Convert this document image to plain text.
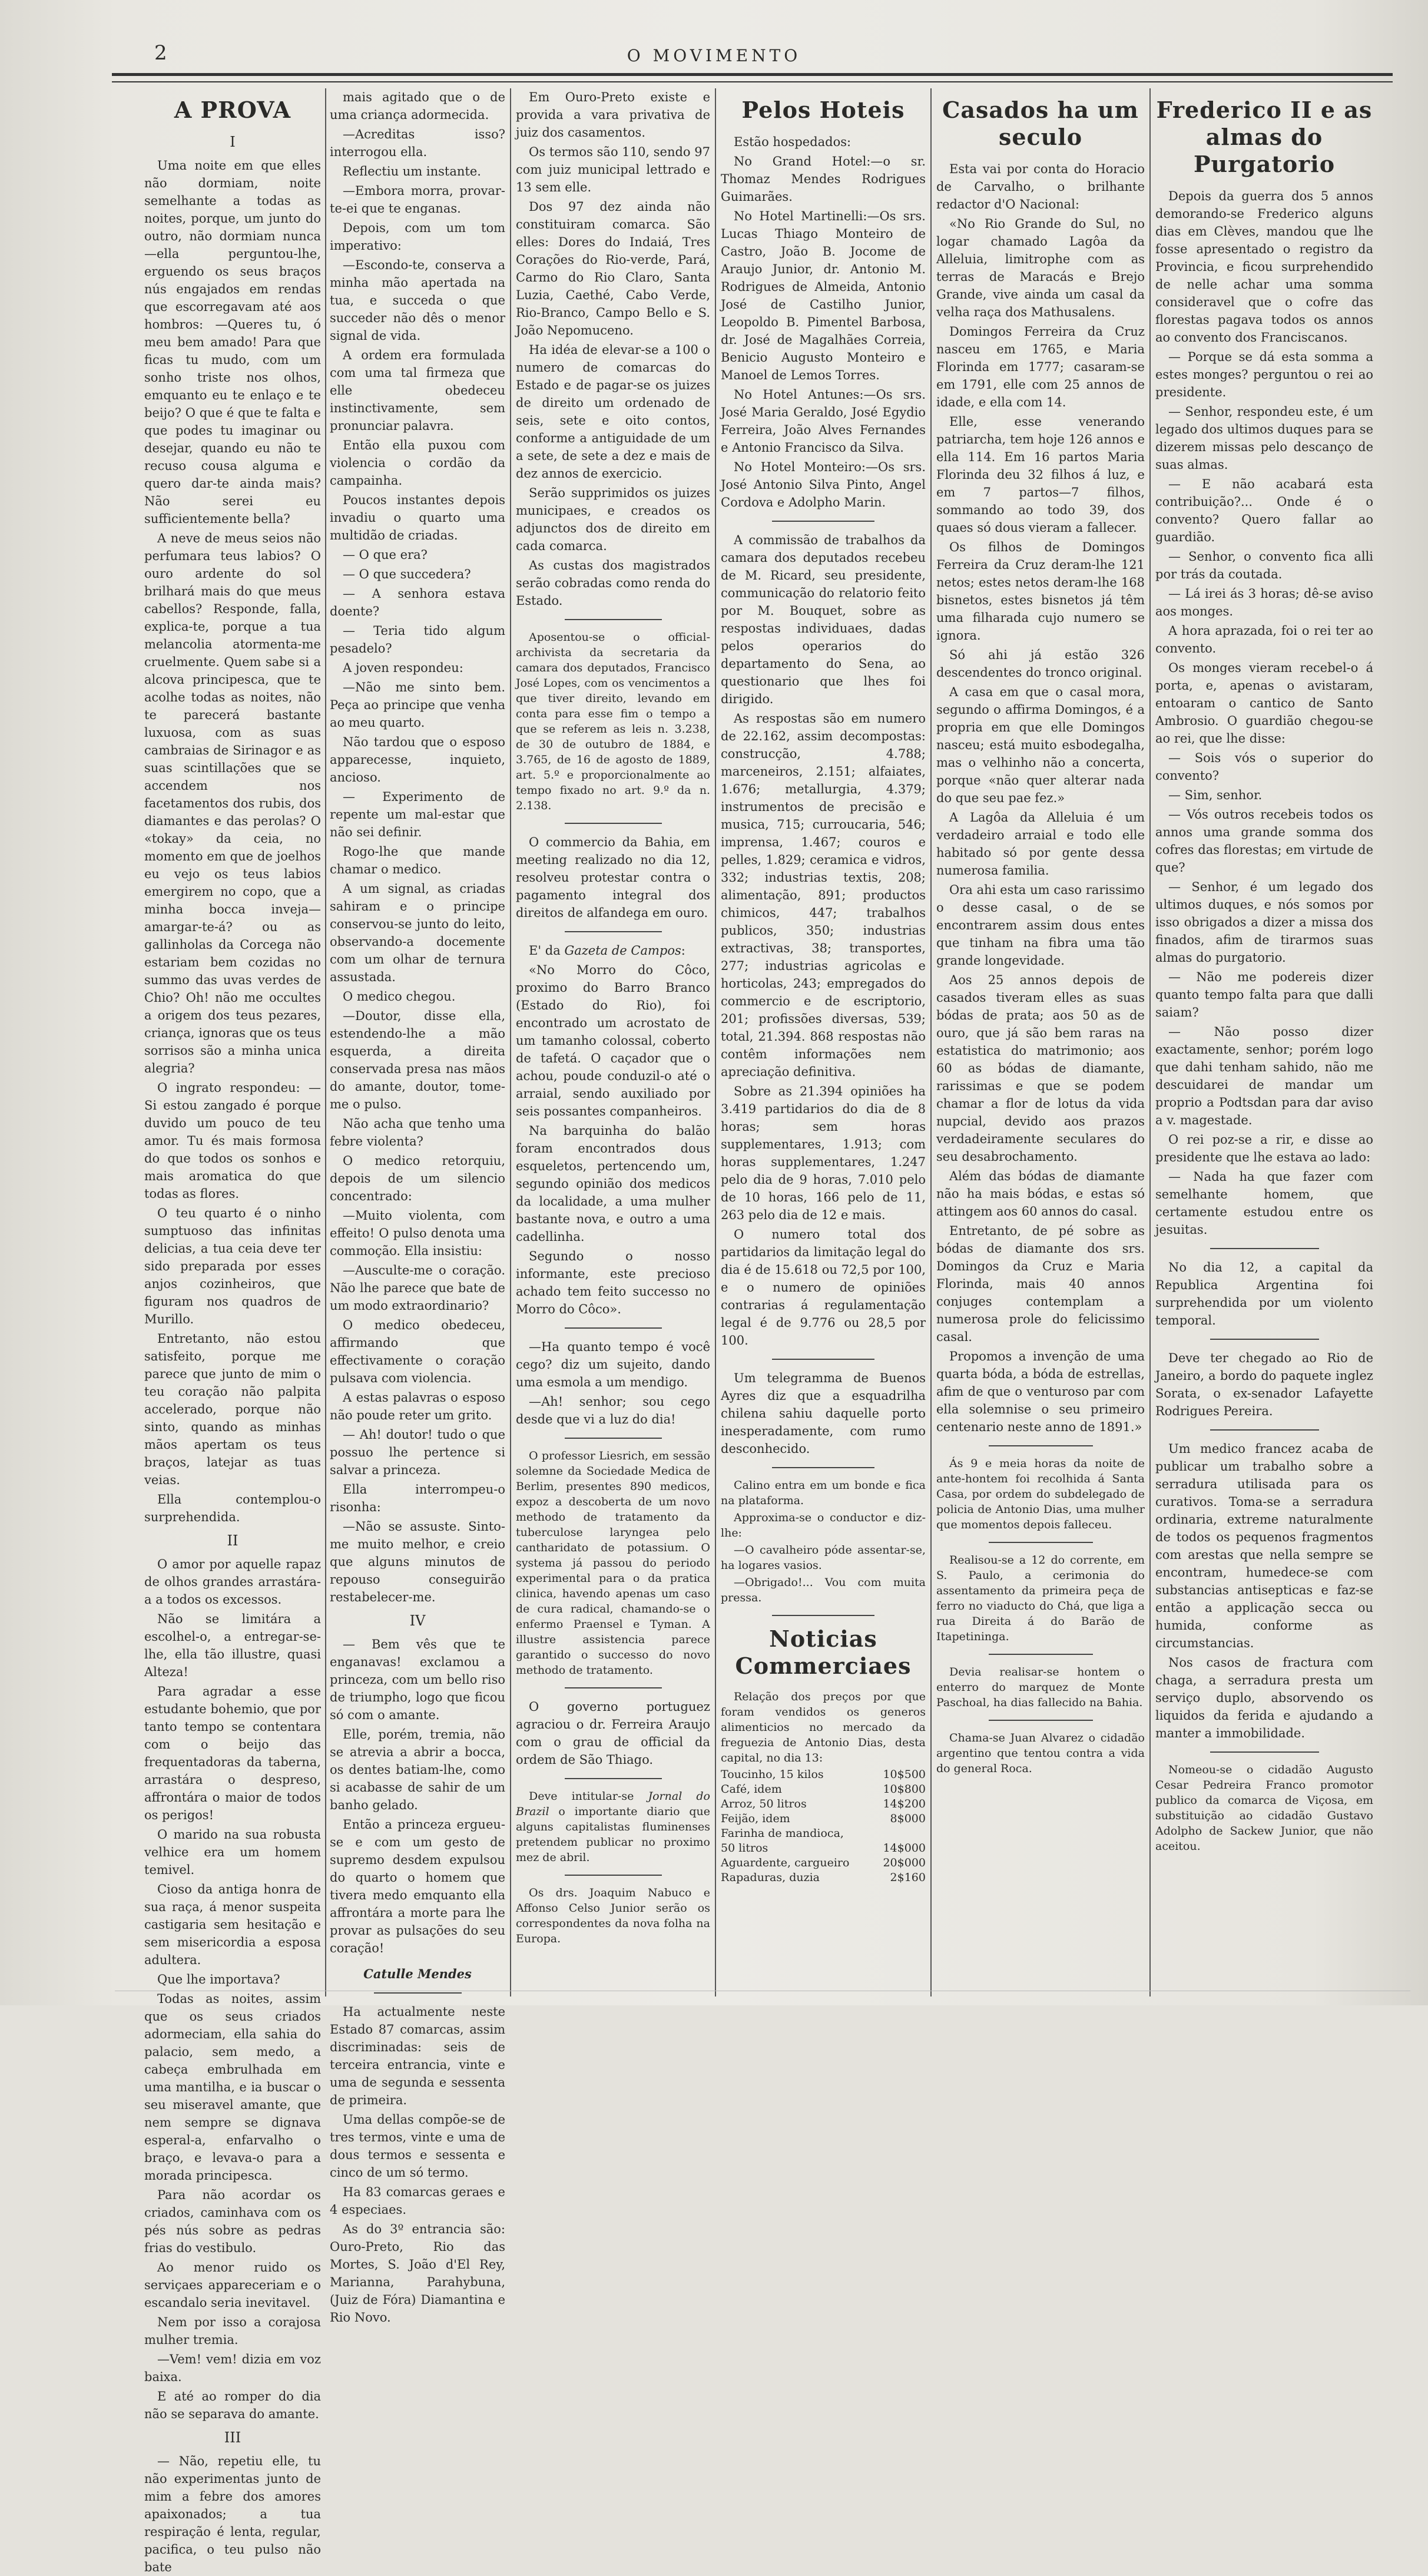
2	O MOVIMENTO

A PROVA

I

Uma noite em que elles não dormiam, noite semelhante a todas as noites, porque, um junto do outro, não dormiam nunca—ella perguntou-lhe, erguendo os seus braços nús engajados em rendas que escorregavam até aos hombros: —Queres tu, ó meu bem amado! Para que ficas tu mudo, com um sonho triste nos olhos, emquanto eu te enlaço e te beijo? O que é que te falta e que podes tu imaginar ou desejar, quando eu não te recuso cousa alguma e quero dar-te ainda mais? Não serei eu sufficientemente bella?

A neve de meus seios não perfumara teus labios? O ouro ardente do sol brilhará mais do que meus cabellos? Responde, falla, explica-te, porque a tua melancolia atormenta-me cruelmente. Quem sabe si a alcova principesca, que te acolhe todas as noites, não te parecerá bastante luxuosa, com as suas cambraias de Sirinagor e as suas scintillações que se accendem nos facetamentos dos rubis, dos diamantes e das perolas? O «tokay» da ceia, no momento em que de joelhos eu vejo os teus labios emergirem no copo, que a minha bocca inveja—amargar-te-á? ou as gallinholas da Corcega não estariam bem cozidas no summo das uvas verdes de Chio? Oh! não me occultes a origem dos teus pezares, criança, ignoras que os teus sorrisos são a minha unica alegria?

O ingrato respondeu: — Si estou zangado é porque duvido um pouco de teu amor. Tu és mais formosa do que todos os sonhos e mais aromatica do que todas as flores.

O teu quarto é o ninho sumptuoso das infinitas delicias, a tua ceia deve ter sido preparada por esses anjos cozinheiros, que figuram nos quadros de Murillo.

Entretanto, não estou satisfeito, porque me parece que junto de mim o teu coração não palpita accelerado, porque não sinto, quando as minhas mãos apertam os teus braços, latejar as tuas veias.

Ella contemplou-o surprehendida.

II

O amor por aquelle rapaz de olhos grandes arrastára-a a todos os excessos.

Não se limitára a escolhel-o, a entregar-se-lhe, ella tão illustre, quasi Alteza!

Para agradar a esse estudante bohemio, que por tanto tempo se contentara com o beijo das frequentadoras da taberna, arrastára o despreso, affrontára o maior de todos os perigos!

O marido na sua robusta velhice era um homem temivel.

Cioso da antiga honra de sua raça, á menor suspeita castigaria sem hesitação e sem misericordia a esposa adultera.

Que lhe importava?

Todas as noites, assim que os seus criados adormeciam, ella sahia do palacio, sem medo, a cabeça embrulhada em uma mantilha, e ia buscar o seu miseravel amante, que nem sempre se dignava esperal-a, enfarvalho o braço, e levava-o para a morada principesca.

Para não acordar os criados, caminhava com os pés nús sobre as pedras frias do vestibulo.

Ao menor ruido os serviçaes appareceriam e o escandalo seria inevitavel.

Nem por isso a corajosa mulher tremia.

—Vem! vem! dizia em voz baixa.

E até ao romper do dia não se separava do amante.

III

— Não, repetiu elle, tu não experimentas junto de mim a febre dos amores apaixonados; a tua respiração é lenta, regular, pacifica, o teu pulso não bate

mais agitado que o de uma criança adormecida.

—Acreditas isso? interrogou ella.

Reflectiu um instante.

—Embora morra, provar-te-ei que te enganas.

Depois, com um tom imperativo:

—Escondo-te, conserva a minha mão apertada na tua, e succeda o que succeder não dês o menor signal de vida.

A ordem era formulada com uma tal firmeza que elle obedeceu instinctivamente, sem pronunciar palavra.

Então ella puxou com violencia o cordão da campainha.

Poucos instantes depois invadiu o quarto uma multidão de criadas.

— O que era?

— O que succedera?

— A senhora estava doente?

— Teria tido algum pesadelo?

A joven respondeu:

—Não me sinto bem. Peça ao principe que venha ao meu quarto.

Não tardou que o esposo apparecesse, inquieto, ancioso.

— Experimento de repente um mal-estar que não sei definir.

Rogo-lhe que mande chamar o medico.

A um signal, as criadas sahiram e o principe conservou-se junto do leito, observando-a docemente com um olhar de ternura assustada.

O medico chegou.

—Doutor, disse ella, estendendo-lhe a mão esquerda, a direita conservada presa nas mãos do amante, doutor, tome-me o pulso.

Não acha que tenho uma febre violenta?

O medico retorquiu, depois de um silencio concentrado:

—Muito violenta, com effeito! O pulso denota uma commoção. Ella insistiu:

—Ausculte-me o coração. Não lhe parece que bate de um modo extraordinario?

O medico obedeceu, affirmando que effectivamente o coração pulsava com violencia.

A estas palavras o esposo não poude reter um grito.

— Ah! doutor! tudo o que possuo lhe pertence si salvar a princeza.

Ella interrompeu-o risonha:

—Não se assuste. Sinto-me muito melhor, e creio que alguns minutos de repouso conseguirão restabelecer-me.

IV

— Bem vês que te enganavas! exclamou a princeza, com um bello riso de triumpho, logo que ficou só com o amante.

Elle, porém, tremia, não se atrevia a abrir a bocca, os dentes batiam-lhe, como si acabasse de sahir de um banho gelado.

Então a princeza ergueu-se e com um gesto de supremo desdem expulsou do quarto o homem que tivera medo emquanto ella affrontára a morte para lhe provar as pulsações do seu coração!

Catulle Mendes

Ha actualmente neste Estado 87 comarcas, assim discriminadas: seis de terceira entrancia, vinte e uma de segunda e sessenta de primeira.

Uma dellas compõe-se de tres termos, vinte e uma de dous termos e sessenta e cinco de um só termo.

Ha 83 comarcas geraes e 4 especiaes.

As do 3º entrancia são: Ouro-Preto, Rio das Mortes, S. João d'El Rey, Marianna, Parahybuna, (Juiz de Fóra) Diamantina e Rio Novo.

Em Ouro-Preto existe e provida a vara privativa de juiz dos casamentos.

Os termos são 110, sendo 97 com juiz municipal lettrado e 13 sem elle.

Dos 97 dez ainda não constituiram comarca. São elles: Dores do Indaiá, Tres Corações do Rio-verde, Pará, Carmo do Rio Claro, Santa Luzia, Caethé, Cabo Verde, Rio-Branco, Campo Bello e S. João Nepomuceno.

Ha idéa de elevar-se a 100 o numero de comarcas do Estado e de pagar-se os juizes de direito um ordenado de seis, sete e oito contos, conforme a antiguidade de um a sete, de sete a dez e mais de dez annos de exercicio.

Serão supprimidos os juizes municipaes, e creados os adjunctos dos de direito em cada comarca.

As custas dos magistrados serão cobradas como renda do Estado.

Aposentou-se o official-archivista da secretaria da camara dos deputados, Francisco José Lopes, com os vencimentos a que tiver direito, levando em conta para esse fim o tempo a que se referem as leis n. 3.238, de 30 de outubro de 1884, e 3.765, de 16 de agosto de 1889, art. 5.º e proporcionalmente ao tempo fixado no art. 9.º da n. 2.138.

O commercio da Bahia, em meeting realizado no dia 12, resolveu protestar contra o pagamento integral dos direitos de alfandega em ouro.

E' da Gazeta de Campos:

«No Morro do Côco, proximo do Barro Branco (Estado do Rio), foi encontrado um acrostato de um tamanho colossal, coberto de tafetá. O caçador que o achou, poude conduzil-o até o arraial, sendo auxiliado por seis possantes companheiros.

Na barquinha do balão foram encontrados dous esqueletos, pertencendo um, segundo opinião dos medicos da localidade, a uma mulher bastante nova, e outro a uma cadellinha.

Segundo o nosso informante, este precioso achado tem feito successo no Morro do Côco».

—Ha quanto tempo é você cego? diz um sujeito, dando uma esmola a um mendigo.

—Ah! senhor; sou cego desde que vi a luz do dia!

O professor Liesrich, em sessão solemne da Sociedade Medica de Berlim, presentes 890 medicos, expoz a descoberta de um novo methodo de tratamento da tuberculose laryngea pelo cantharidato de potassium. O systema já passou do periodo experimental para o da pratica clinica, havendo apenas um caso de cura radical, chamando-se o enfermo Praensel e Tyman. A illustre assistencia parece garantido o successo do novo methodo de tratamento.

O governo portuguez agraciou o dr. Ferreira Araujo com o grau de official da ordem de São Thiago.

Deve intitular-se Jornal do Brazil o importante diario que alguns capitalistas fluminenses pretendem publicar no proximo mez de abril.

Os drs. Joaquim Nabuco e Affonso Celso Junior serão os correspondentes da nova folha na Europa.

Pelos Hoteis

Estão hospedados:

No Grand Hotel:—o sr. Thomaz Mendes Rodrigues Guimarães.

No Hotel Martinelli:—Os srs. Lucas Thiago Monteiro de Castro, João B. Jocome de Araujo Junior, dr. Antonio M. Rodrigues de Almeida, Antonio José de Castilho Junior, Leopoldo B. Pimentel Barbosa, dr. José de Magalhães Correia, Benicio Augusto Monteiro e Manoel de Lemos Torres.

No Hotel Antunes:—Os srs. José Maria Geraldo, José Egydio Ferreira, João Alves Fernandes e Antonio Francisco da Silva.

No Hotel Monteiro:—Os srs. José Antonio Silva Pinto, Angel Cordova e Adolpho Marin.

A commissão de trabalhos da camara dos deputados recebeu de M. Ricard, seu presidente, communicação do relatorio feito por M. Bouquet, sobre as respostas individuaes, dadas pelos operarios do departamento do Sena, ao questionario que lhes foi dirigido.

As respostas são em numero de 22.162, assim decompostas: construcção, 4.788; marceneiros, 2.151; alfaiates, 1.676; metallurgia, 4.379; instrumentos de precisão e musica, 715; curroucaria, 546; imprensa, 1.467; couros e pelles, 1.829; ceramica e vidros, 332; industrias textis, 208; alimentação, 891; productos chimicos, 447; trabalhos publicos, 350; industrias extractivas, 38; transportes, 277; industrias agricolas e horticolas, 243; empregados do commercio e de escriptorio, 201; profissões diversas, 539; total, 21.394. 868 respostas não contêm informações nem apreciação definitiva.

Sobre as 21.394 opiniões ha 3.419 partidarios do dia de 8 horas; sem horas supplementares, 1.913; com horas supplementares, 1.247 pelo dia de 9 horas, 7.010 pelo de 10 horas, 166 pelo de 11, 263 pelo dia de 12 e mais.

O numero total dos partidarios da limitação legal do dia é de 15.618 ou 72,5 por 100, e o numero de opiniões contrarias á regulamentação legal é de 9.776 ou 28,5 por 100.

Um telegramma de Buenos Ayres diz que a esquadrilha chilena sahiu daquelle porto inesperadamente, com rumo desconhecido.

Calino entra em um bonde e fica na plataforma.

Approxima-se o conductor e diz-lhe:

—O cavalheiro póde assentar-se, ha logares vasios.

—Obrigado!... Vou com muita pressa.

Noticias Commerciaes

Relação dos preços por que foram vendidos os generos alimenticios no mercado da freguezia de Antonio Dias, desta capital, no dia 13:

Toucinho, 15 kilos	10$500
Café, idem	10$800
Arroz, 50 litros	14$200
Feijão, idem	8$000
Farinha de mandioca,
50 litros	14$000
Aguardente, cargueiro	20$000
Rapaduras, duzia	2$160

Casados ha um seculo

Esta vai por conta do Horacio de Carvalho, o brilhante redactor d'O Nacional:

«No Rio Grande do Sul, no logar chamado Lagôa da Alleluia, limitrophe com as terras de Maracás e Brejo Grande, vive ainda um casal da velha raça dos Mathusalens.

Domingos Ferreira da Cruz nasceu em 1765, e Maria Florinda em 1777; casaram-se em 1791, elle com 25 annos de idade, e ella com 14.

Elle, esse venerando patriarcha, tem hoje 126 annos e ella 114. Em 16 partos Maria Florinda deu 32 filhos á luz, e em 7 partos—7 filhos, sommando ao todo 39, dos quaes só dous vieram a fallecer.

Os filhos de Domingos Ferreira da Cruz deram-lhe 121 netos; estes netos deram-lhe 168 bisnetos, estes bisnetos já têm uma filharada cujo numero se ignora.

Só ahi já estão 326 descendentes do tronco original.

A casa em que o casal mora, segundo o affirma Domingos, é a propria em que elle Domingos nasceu; está muito esbodegalha, mas o velhinho não a concerta, porque «não quer alterar nada do que seu pae fez.»

A Lagôa da Alleluia é um verdadeiro arraial e todo elle habitado só por gente dessa numerosa familia.

Ora ahi esta um caso rarissimo o desse casal, o de se encontrarem assim dous entes que tinham na fibra uma tão grande longevidade.

Aos 25 annos depois de casados tiveram elles as suas bódas de prata; aos 50 as de ouro, que já são bem raras na estatistica do matrimonio; aos 60 as bódas de diamante, rarissimas e que se podem chamar a flor de lotus da vida nupcial, devido aos prazos verdadeiramente seculares do seu desabrochamento.

Além das bódas de diamante não ha mais bódas, e estas só attingem aos 60 annos do casal.

Entretanto, de pé sobre as bódas de diamante dos srs. Domingos da Cruz e Maria Florinda, mais 40 annos conjuges contemplam a numerosa prole do felicissimo casal.

Propomos a invenção de uma quarta bóda, a bóda de estrellas, afim de que o venturoso par com ella solemnise o seu primeiro centenario neste anno de 1891.»

Ás 9 e meia horas da noite de ante-hontem foi recolhida á Santa Casa, por ordem do subdelegado de policia de Antonio Dias, uma mulher que momentos depois falleceu.

Realisou-se a 12 do corrente, em S. Paulo, a cerimonia do assentamento da primeira peça de ferro no viaducto do Chá, que liga a rua Direita á do Barão de Itapetininga.

Devia realisar-se hontem o enterro do marquez de Monte Paschoal, ha dias fallecido na Bahia.

Chama-se Juan Alvarez o cidadão argentino que tentou contra a vida do general Roca.

Frederico II e as almas do Purgatorio

Depois da guerra dos 5 annos demorando-se Frederico alguns dias em Clèves, mandou que lhe fosse apresentado o registro da Provincia, e ficou surprehendido de nelle achar uma somma consideravel que o cofre das florestas pagava todos os annos ao convento dos Franciscanos.

— Porque se dá esta somma a estes monges? perguntou o rei ao presidente.

— Senhor, respondeu este, é um legado dos ultimos duques para se dizerem missas pelo descanço de suas almas.

— E não acabará esta contribuição?... Onde é o convento? Quero fallar ao guardião.

— Senhor, o convento fica alli por trás da coutada.

— Lá irei ás 3 horas; dê-se aviso aos monges.

A hora aprazada, foi o rei ter ao convento.

Os monges vieram recebel-o á porta, e, apenas o avistaram, entoaram o cantico de Santo Ambrosio. O guardião chegou-se ao rei, que lhe disse:

— Sois vós o superior do convento?

— Sim, senhor.

— Vós outros recebeis todos os annos uma grande somma dos cofres das florestas; em virtude de que?

— Senhor, é um legado dos ultimos duques, e nós somos por isso obrigados a dizer a missa dos finados, afim de tirarmos suas almas do purgatorio.

— Não me podereis dizer quanto tempo falta para que dalli saiam?

— Não posso dizer exactamente, senhor; porém logo que dahi tenham sahido, não me descuidarei de mandar um proprio a Podtsdan para dar aviso a v. magestade.

O rei poz-se a rir, e disse ao presidente que lhe estava ao lado:

— Nada ha que fazer com semelhante homem, que certamente estudou entre os jesuitas.

No dia 12, a capital da Republica Argentina foi surprehendida por um violento temporal.

Deve ter chegado ao Rio de Janeiro, a bordo do paquete inglez Sorata, o ex-senador Lafayette Rodrigues Pereira.

Um medico francez acaba de publicar um trabalho sobre a serradura utilisada para os curativos. Toma-se a serradura ordinaria, extreme naturalmente de todos os pequenos fragmentos com arestas que nella sempre se encontram, humedece-se com substancias antisepticas e faz-se então a applicação secca ou humida, conforme as circumstancias.

Nos casos de fractura com chaga, a serradura presta um serviço duplo, absorvendo os liquidos da ferida e ajudando a manter a immobilidade.

Nomeou-se o cidadão Augusto Cesar Pedreira Franco promotor publico da comarca de Viçosa, em substituição ao cidadão Gustavo Adolpho de Sackew Junior, que não aceitou.
